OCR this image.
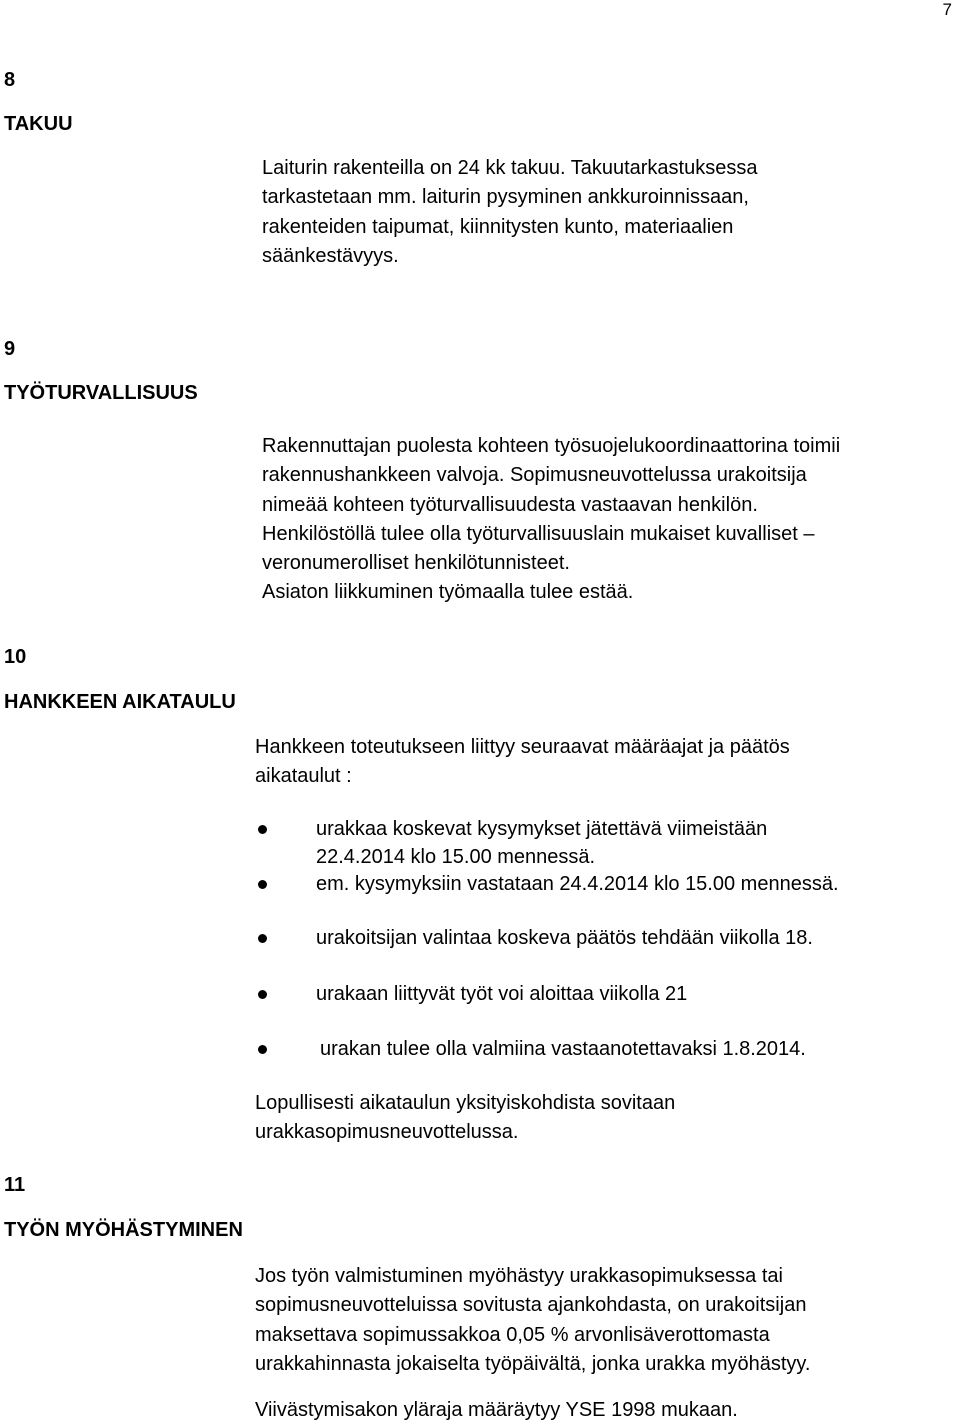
7
8
TAKUU
Laiturin rakenteilla on 24 kk takuu. Takuutarkastuksessa
tarkastetaan mm. laiturin pysyminen ankkuroinnissaan,
rakenteiden taipumat, kiinnitysten kunto, materiaalien
säänkestävyys.
9
TYÖTURVALLISUUS
Rakennuttajan puolesta kohteen työsuojelukoordinaattorina toimii
rakennushankkeen valvoja. Sopimusneuvottelussa urakoitsija
nimeää kohteen työturvallisuudesta vastaavan henkilön.
Henkilöstöllä tulee olla työturvallisuuslain mukaiset kuvalliset –
veronumerolliset henkilötunnisteet.
Asiaton liikkuminen työmaalla tulee estää.
10
HANKKEEN AIKATAULU
Hankkeen toteutukseen liittyy seuraavat määräajat ja päätös
aikataulut :
urakkaa koskevat kysymykset jätettävä viimeistään
22.4.2014 klo 15.00 mennessä.
em. kysymyksiin vastataan 24.4.2014 klo 15.00 mennessä.
urakoitsijan valintaa koskeva päätös tehdään viikolla 18.
urakaan liittyvät työt voi aloittaa viikolla 21
urakan tulee olla valmiina vastaanotettavaksi 1.8.2014.
Lopullisesti aikataulun yksityiskohdista sovitaan
urakkasopimusneuvottelussa.
11
TYÖN MYÖHÄSTYMINEN
Jos työn valmistuminen myöhästyy urakkasopimuksessa tai
sopimusneuvotteluissa sovitusta ajankohdasta, on urakoitsijan
maksettava sopimussakkoa 0,05 % arvonlisäverottomasta
urakkahinnasta jokaiselta työpäivältä, jonka urakka myöhästyy.
Viivästymisakon yläraja määräytyy YSE 1998 mukaan.
